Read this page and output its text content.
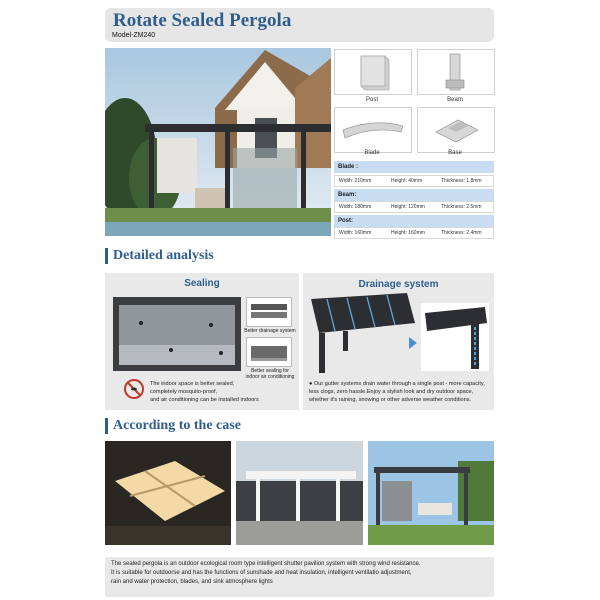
Rotate Sealed Pergola
Model-ZM240
Post	Beam
Blade	Base
Blade :
Width: 210mm	Height: 40mm	Thickness: 1.8mm
Beam:
Width: 180mm	Height: 120mm	Thickness: 2.5mm
Post:
Width: 160mm	Height: 160mm	Thickness: 2.4mm
Detailed analysis
Sealing
Better drainage system
Better sealing for
indoor air conditioning
The indoor space is better sealed,
completely mosquito-proof,
and air conditioning can be installed indoors
Drainage system
● Our gutter systems drain water through a single post - more capacity,
less clogs, zero hassle.Enjoy a stylish look and dry outdoor space,
whether it's raining, snowing or other adverse weather conditions.
According to the case
The sealed pergola is an outdoor ecological room type intelligent shutter pavilion system with strong wind resistance.
It is suitable for outdoorse and has the functions of sunshade and heat insulation, intelligent ventilatio adjustment,
rain and water protection, blades, and sink atmosphere lights
